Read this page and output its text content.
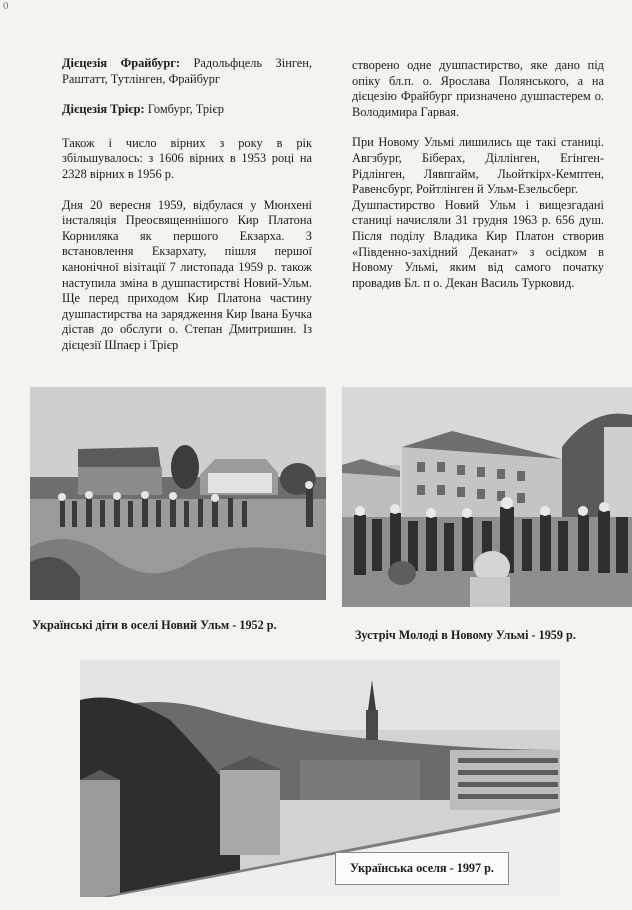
0

Дієцезія Фрайбург: Радольфцель Зінген, Раштатт, Тутлінген, Фрайбург

Дієцезія Трієр: Гомбург, Трієр

Також і число вірних з року в рік збільшувалось: з 1606 вірних в 1953 році на 2328 вірних в 1956 р.

Дня 20 вересня 1959, відбулася у Мюнхені інсталяція Преосвященнішого Кир Платона Корниляка як першого Екзарха. З встановлення Екзархату, пішля першої канонічної візітації 7 листопада 1959 р. також наступила зміна в душпастирстві Новий-Ульм. Ще перед приходом Кир Платона частину душпастирства на зарядження Кир Івана Бучка дістав до обслуги о. Степан Дмитришин. Із дієцезії Шпаєр і Трієр

створено одне душпастирство, яке дано під опіку бл.п. о. Ярослава Полянського, а на дієцезію Фрайбург призначено душпастерем о. Володимира Гарвая.

При Новому Ульмі лишились ще такі станиці. Авгзбург, Біберах, Діллінген, Егінген-Рідлінген, Лявпгайм, Льойткірх-Кемптен, Равенсбург, Ройтлінген й Ульм-Езельсберг.

Душпастирство Новий Ульм і вищезгадані станиці начисляли 31 грудня 1963 р. 656 душ. Після поділу Владика Кир Платон створив «Південно-західний Деканат» з осідком в Новому Ульмі, яким від самого початку провадив Бл. п о. Декан Василь Турковид.

Українські діти в оселі Новий Ульм - 1952 р.
Зустріч Молоді в Новому Ульмі - 1959 р.
Українська оселя - 1997 р.
